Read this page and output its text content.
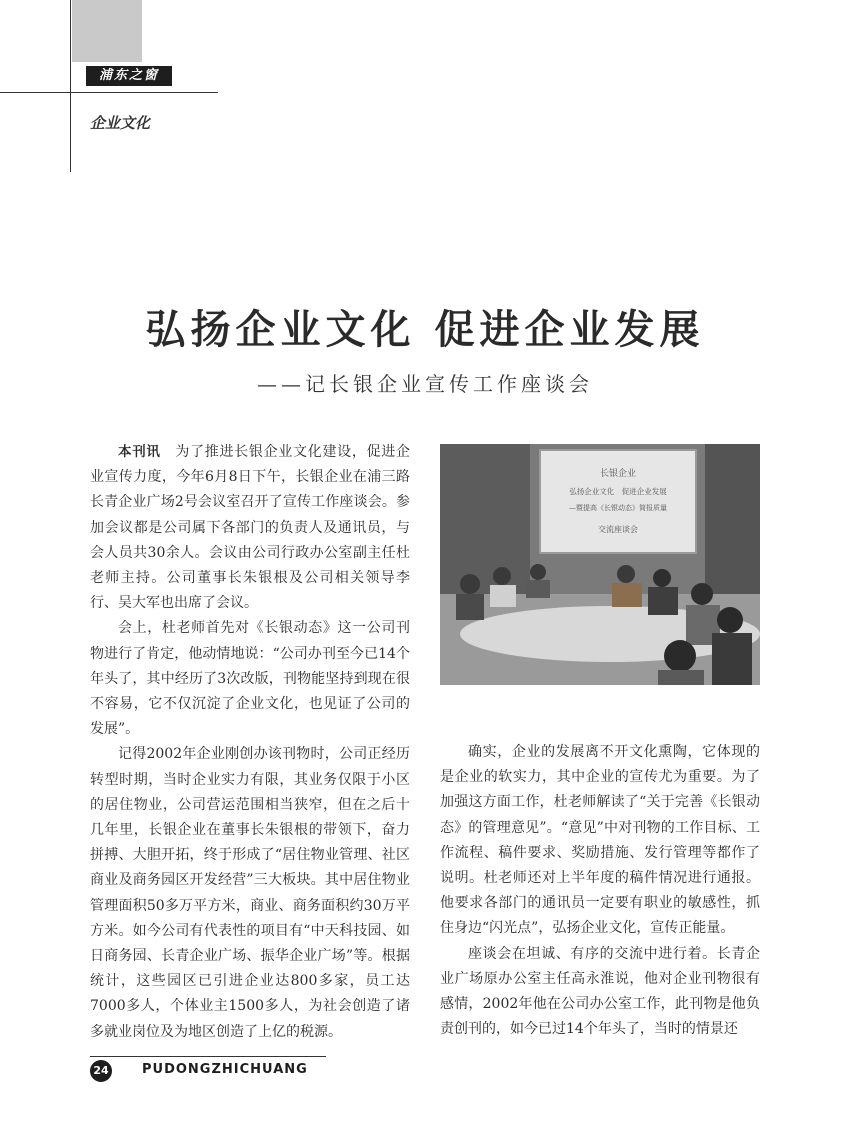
浦东之窗
企业文化
弘扬企业文化 促进企业发展
——记长银企业宣传工作座谈会

本刊讯　 为了推进长银企业文化建设，促进企业宣传力度，今年6月8日下午，长银企业在浦三路长青企业广场2号会议室召开了宣传工作座谈会。参加会议都是公司属下各部门的负责人及通讯员，与会人员共30余人。会议由公司行政办公室副主任杜老师主持。公司董事长朱银根及公司相关领导李行、吴大军也出席了会议。

会上，杜老师首先对《长银动态》这一公司刊物进行了肯定，他动情地说：“公司办刊至今已14个年头了，其中经历了3次改版，刊物能坚持到现在很不容易，它不仅沉淀了企业文化，也见证了公司的发展”。

记得2002年企业刚创办该刊物时，公司正经历转型时期，当时企业实力有限，其业务仅限于小区的居住物业，公司营运范围相当狭窄，但在之后十几年里，长银企业在董事长朱银根的带领下，奋力拼搏、大胆开拓，终于形成了“居住物业管理、社区商业及商务园区开发经营”三大板块。其中居住物业管理面积50多万平方米，商业、商务面积约30万平方米。如今公司有代表性的项目有“中天科技园、如日商务园、长青企业广场、振华企业广场”等。根据统计，这些园区已引进企业达800多家，员工达7000多人，个体业主1500多人，为社会创造了诸多就业岗位及为地区创造了上亿的税源。

长银企业
弘扬企业文化　促进企业发展
—暨提高《长银动态》简报质量
交流座谈会

确实，企业的发展离不开文化熏陶，它体现的是企业的软实力，其中企业的宣传尤为重要。为了加强这方面工作，杜老师解读了“关于完善《长银动态》的管理意见”。“意见”中对刊物的工作目标、工作流程、稿件要求、奖励措施、发行管理等都作了说明。杜老师还对上半年度的稿件情况进行通报。他要求各部门的通讯员一定要有职业的敏感性，抓住身边“闪光点”，弘扬企业文化，宣传正能量。

座谈会在坦诚、有序的交流中进行着。长青企业广场原办公室主任高永淮说，他对企业刊物很有感情，2002年他在公司办公室工作，此刊物是他负责创刊的，如今已过14个年头了，当时的情景还

24	PUDONGZHICHUANG
